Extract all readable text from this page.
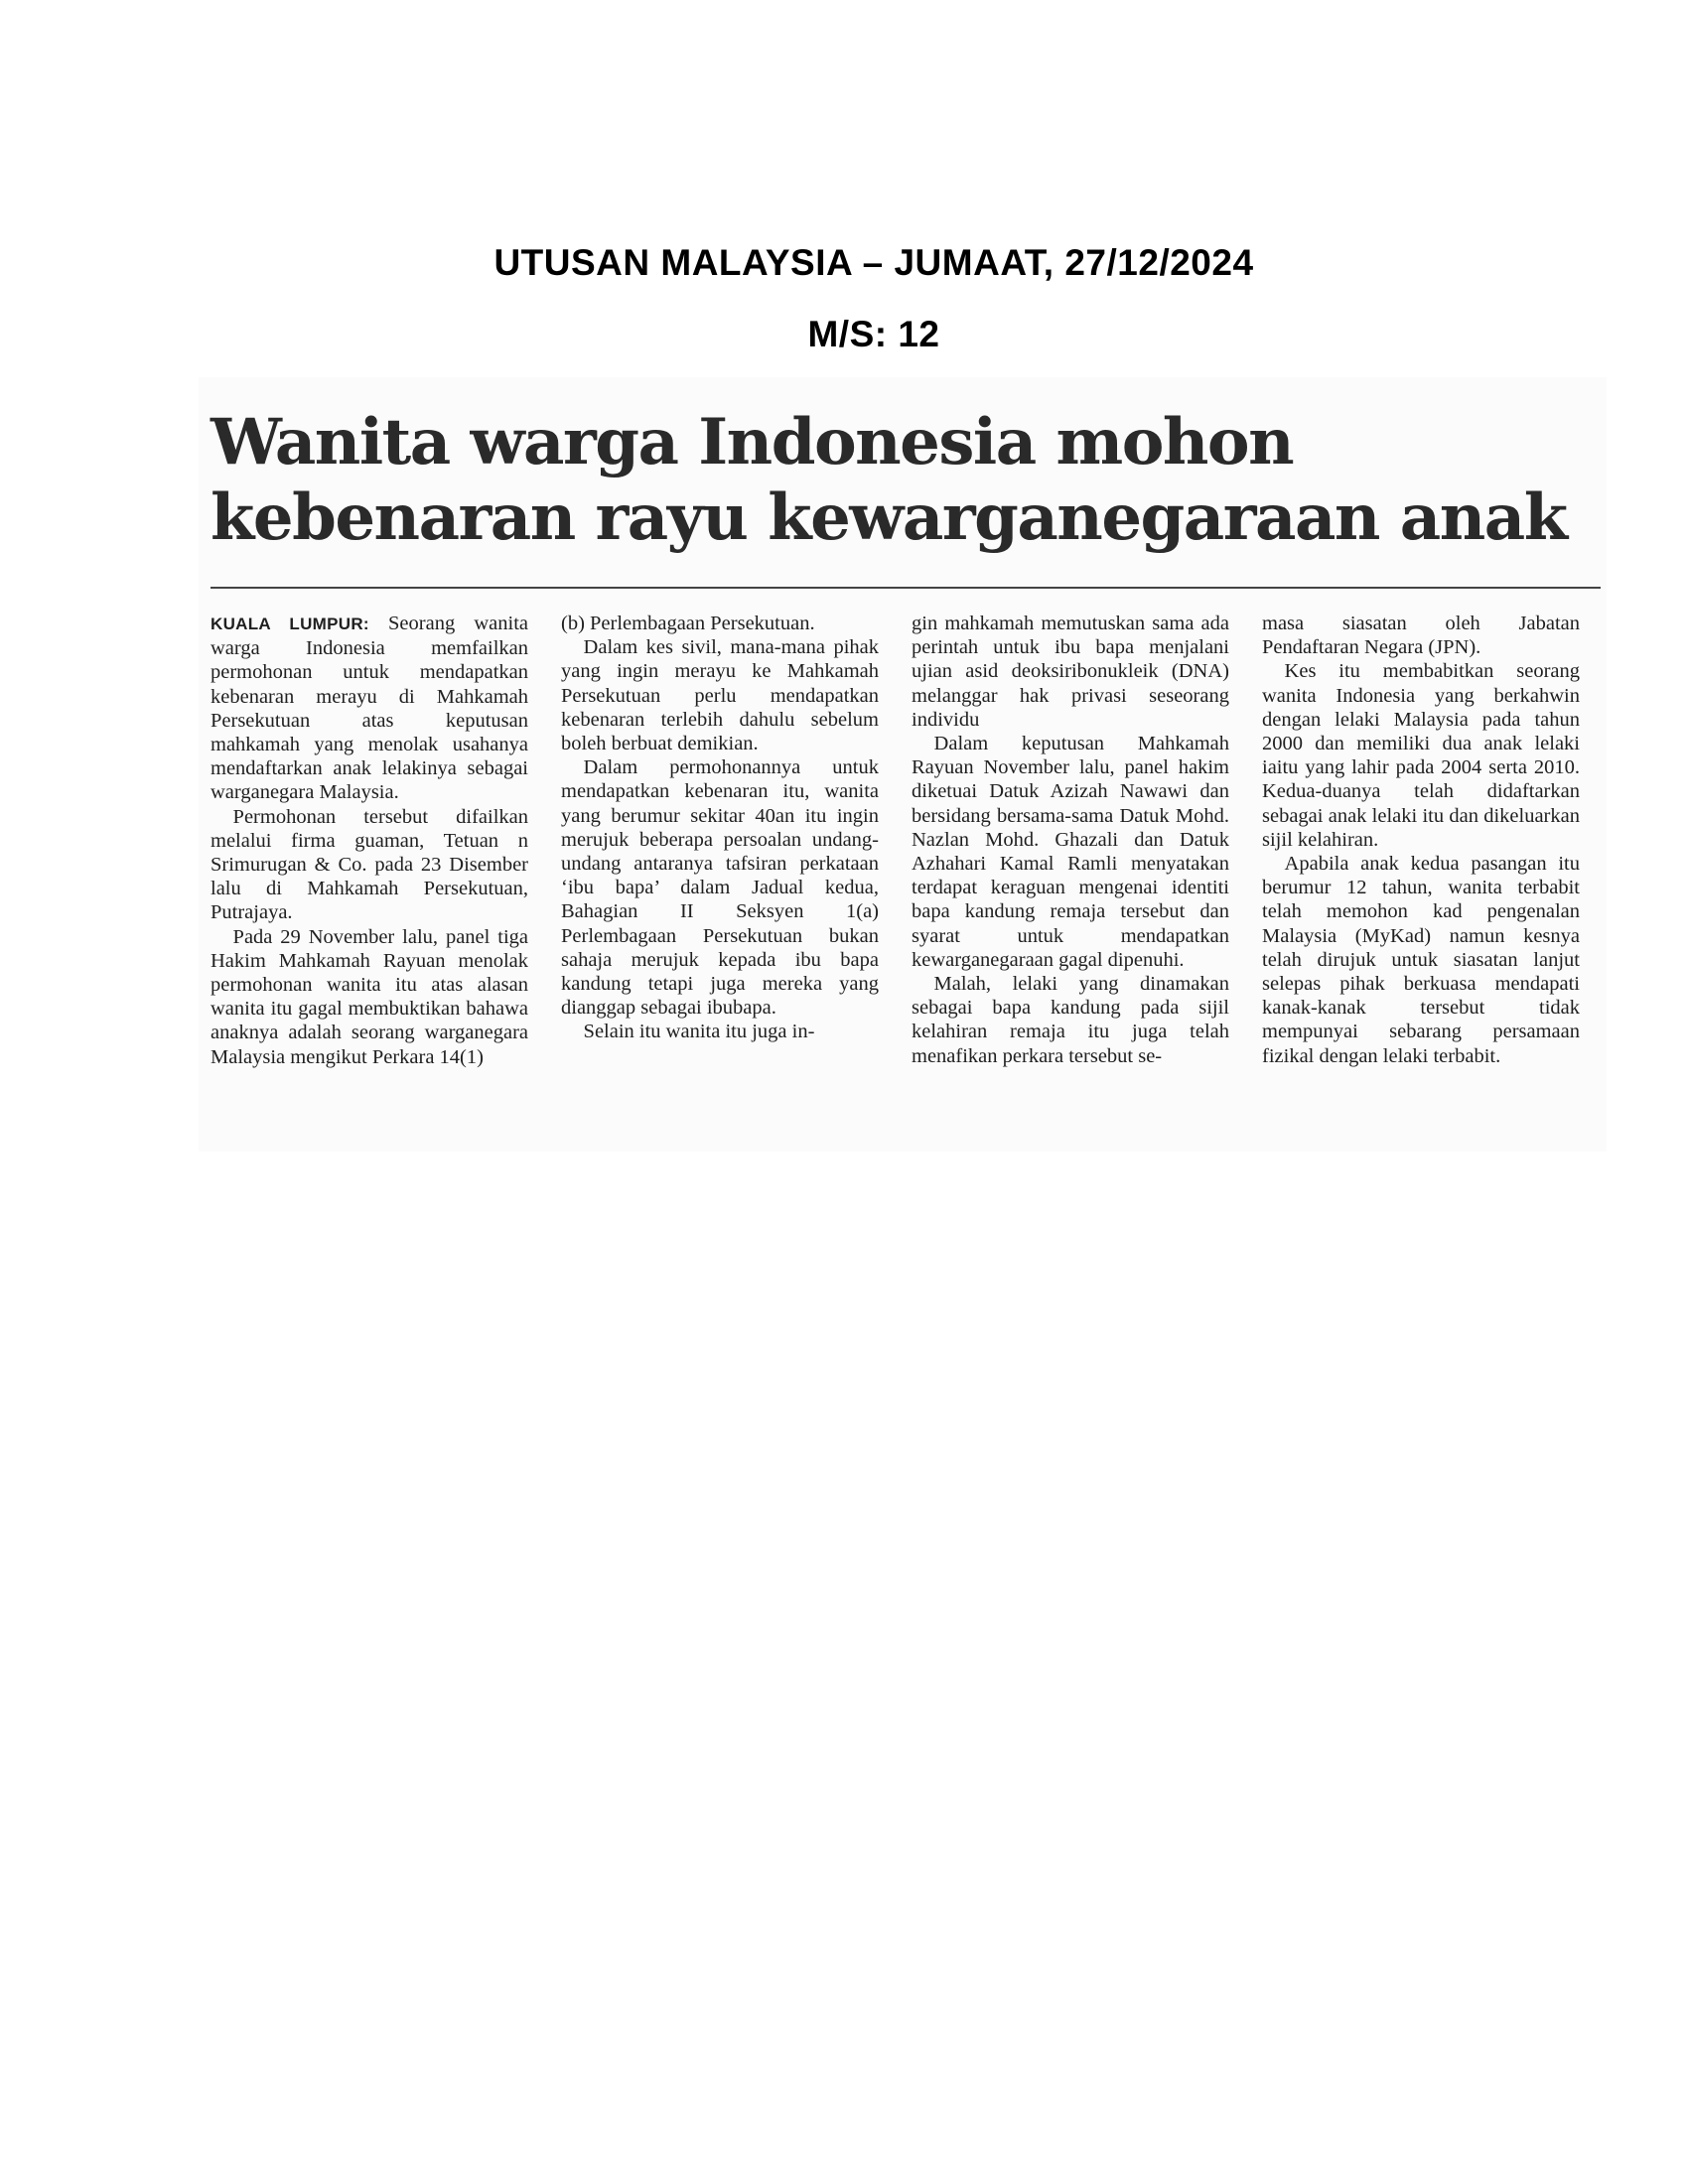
UTUSAN MALAYSIA – JUMAAT, 27/12/2024
M/S: 12
Wanita warga Indonesia mohon
kebenaran rayu kewarganegaraan anak

KUALA LUMPUR: Seorang wanita warga Indonesia memfailkan permohonan untuk mendapatkan kebenaran merayu di Mahkamah Persekutuan atas keputusan mahkamah yang menolak usahanya mendaftarkan anak lelakinya sebagai warganegara Malaysia.

Permohonan tersebut difailkan melalui firma guaman, Tetuan n Srimurugan & Co. pada 23 Disember lalu di Mahkamah Persekutuan, Putrajaya.

Pada 29 November lalu, panel tiga Hakim Mahkamah Rayuan menolak permohonan wanita itu atas alasan wanita itu gagal membuktikan bahawa anaknya adalah seorang warganegara Malaysia mengikut Perkara 14(1)

(b) Perlembagaan Persekutuan.

Dalam kes sivil, mana-mana pihak yang ingin merayu ke Mahkamah Persekutuan perlu mendapatkan kebenaran terlebih dahulu sebelum boleh berbuat demikian.

Dalam permohonannya untuk mendapatkan kebenaran itu, wanita yang berumur sekitar 40an itu ingin merujuk beberapa persoalan undang-undang antaranya tafsiran perkataan ‘ibu bapa’ dalam Jadual kedua, Bahagian II Seksyen 1(a) Perlembagaan Persekutuan bukan sahaja merujuk kepada ibu bapa kandung tetapi juga mereka yang dianggap sebagai ibubapa.

Selain itu wanita itu juga in-

gin mahkamah memutuskan sama ada perintah untuk ibu bapa menjalani ujian asid deoksiribonukleik (DNA) melanggar hak privasi seseorang individu

Dalam keputusan Mahkamah Rayuan November lalu, panel hakim diketuai Datuk Azizah Nawawi dan bersidang bersama-sama Datuk Mohd. Nazlan Mohd. Ghazali dan Datuk Azhahari Kamal Ramli menyatakan terdapat keraguan mengenai identiti bapa kandung remaja tersebut dan syarat untuk mendapatkan kewarganegaraan gagal dipenuhi.

Malah, lelaki yang dinamakan sebagai bapa kandung pada sijil kelahiran remaja itu juga telah menafikan perkara tersebut se-

masa siasatan oleh Jabatan Pendaftaran Negara (JPN).

Kes itu membabitkan seorang wanita Indonesia yang berkahwin dengan lelaki Malaysia pada tahun 2000 dan memiliki dua anak lelaki iaitu yang lahir pada 2004 serta 2010. Kedua-duanya telah didaftarkan sebagai anak lelaki itu dan dikeluarkan sijil kelahiran.

Apabila anak kedua pasangan itu berumur 12 tahun, wanita terbabit telah memohon kad pengenalan Malaysia (MyKad) namun kesnya telah dirujuk untuk siasatan lanjut selepas pihak berkuasa mendapati kanak-kanak tersebut tidak mempunyai sebarang persamaan fizikal dengan lelaki terbabit.
